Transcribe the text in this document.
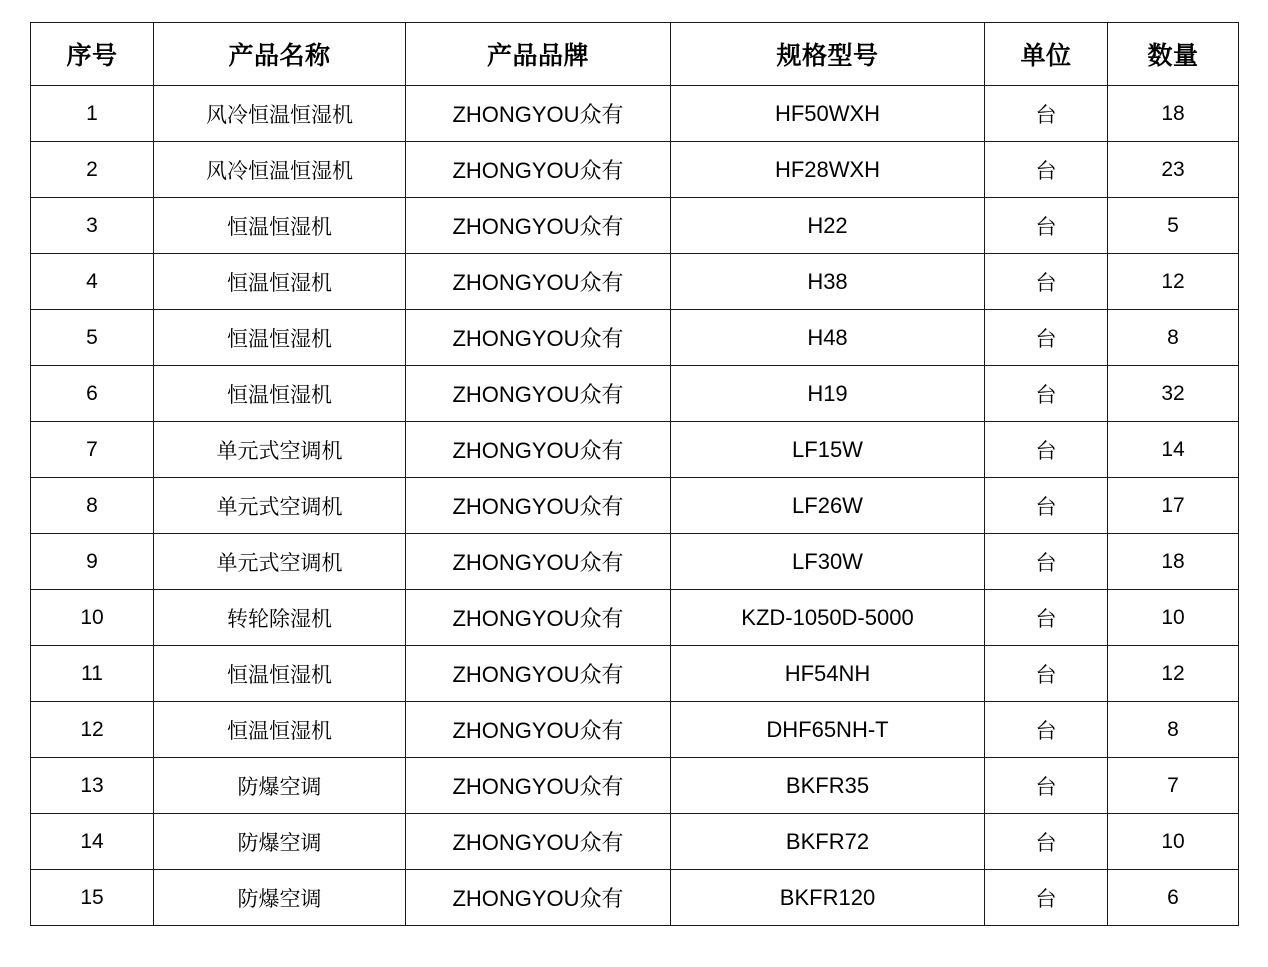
序号	产品名称	产品品牌	规格型号	单位	数量
1	风冷恒温恒湿机	ZHONGYOU众有	HF50WXH	台	18
2	风冷恒温恒湿机	ZHONGYOU众有	HF28WXH	台	23
3	恒温恒湿机	ZHONGYOU众有	H22	台	5
4	恒温恒湿机	ZHONGYOU众有	H38	台	12
5	恒温恒湿机	ZHONGYOU众有	H48	台	8
6	恒温恒湿机	ZHONGYOU众有	H19	台	32
7	单元式空调机	ZHONGYOU众有	LF15W	台	14
8	单元式空调机	ZHONGYOU众有	LF26W	台	17
9	单元式空调机	ZHONGYOU众有	LF30W	台	18
10	转轮除湿机	ZHONGYOU众有	KZD-1050D-5000	台	10
11	恒温恒湿机	ZHONGYOU众有	HF54NH	台	12
12	恒温恒湿机	ZHONGYOU众有	DHF65NH-T	台	8
13	防爆空调	ZHONGYOU众有	BKFR35	台	7
14	防爆空调	ZHONGYOU众有	BKFR72	台	10
15	防爆空调	ZHONGYOU众有	BKFR120	台	6
